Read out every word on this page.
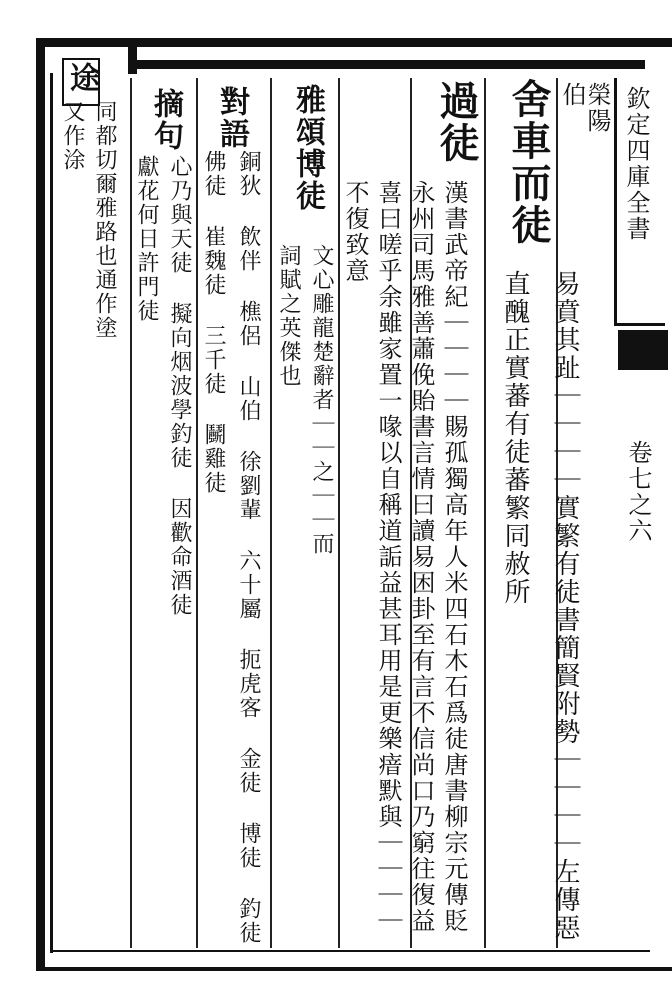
欽定四庫全書
卷七之六
榮陽
伯
舍車而徒
易賁其趾｜｜｜｜實繁有徒書簡賢附勢｜｜｜｜左傳惡直醜正實蕃有徒蕃繁同赦所
過徒
漢書武帝紀｜｜｜｜賜孤獨高年人米四石木石爲徒唐書柳宗元傳貶永州司馬雅善蕭俛貽書言情曰讀易困卦至有言不信尚口乃窮往復益喜曰嗟乎余雖家置一喙以自稱道詬益甚耳用是更樂瘖默與｜｜｜｜不復致意
雅頌博徒
文心雕龍楚辭者｜｜之｜｜而詞賦之英傑也
對語
銅狄 飲伴 樵侶 山伯 徐劉輩 六十屬 扼虎客 金徒 博徒 釣徒 佛徒 崔魏徒 三千徒 鬭雞徒
摘句
心乃與天徒 擬向烟波學釣徒 因歡命酒徒 獻花何日許門徒
途
同都切爾雅路也通作塗又作涂
